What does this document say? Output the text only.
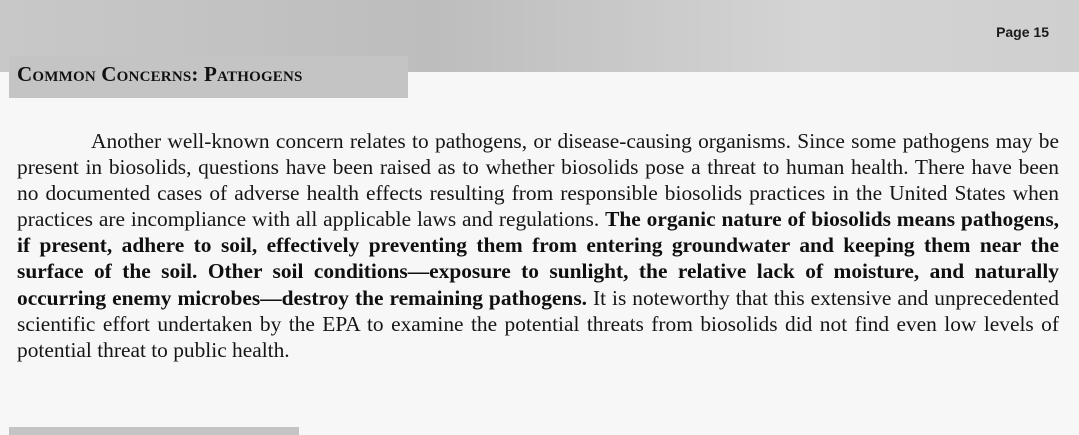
Page 15
Common Concerns: Pathogens

Another well-known concern relates to pathogens, or disease-causing organisms. Since some pathogens may be present in biosolids, questions have been raised as to whether biosolids pose a threat to human health. There have been no documented cases of adverse health effects resulting from responsible biosolids practices in the United States when practices are incompliance with all applicable laws and regulations. The organic nature of biosolids means pathogens, if present, adhere to soil, effectively preventing them from entering groundwater and keeping them near the surface of the soil. Other soil conditions—exposure to sunlight, the relative lack of moisture, and naturally occurring enemy microbes—destroy the remaining pathogens. It is noteworthy that this extensive and unprecedented scientific effort undertaken by the EPA to examine the potential threats from biosolids did not find even low levels of potential threat to public health.
